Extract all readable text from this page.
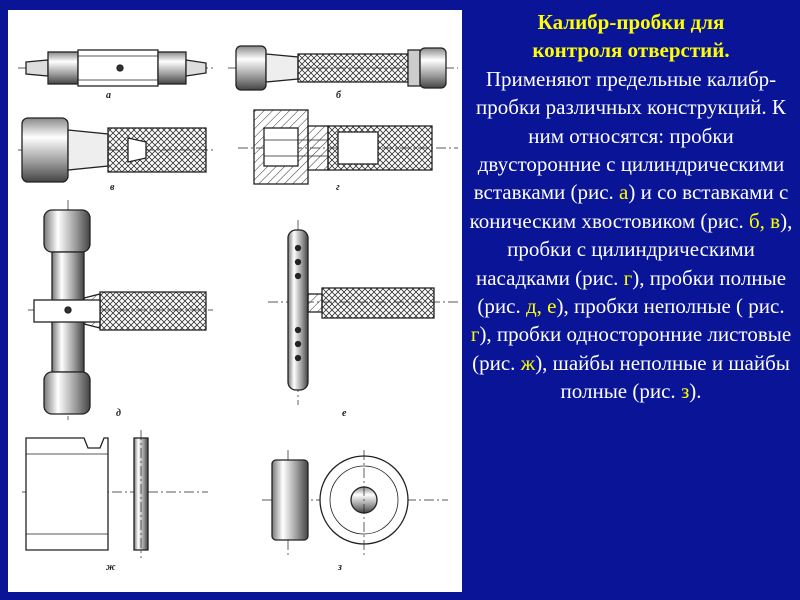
а	б
в	г
д	е
ж	з
Калибр-пробки для
контроля отверстий.
Применяют предельные калибр-пробки различных конструкций. К ним относятся: пробки двусторонние с цилиндрическими вставками (рис. а) и со вставками с коническим хвостовиком (рис. б, в), пробки с цилиндрическими насадками (рис. г), пробки полные (рис. д, е), пробки неполные ( рис. г), пробки односторонние листовые (рис. ж), шайбы неполные и шайбы полные (рис. з).
